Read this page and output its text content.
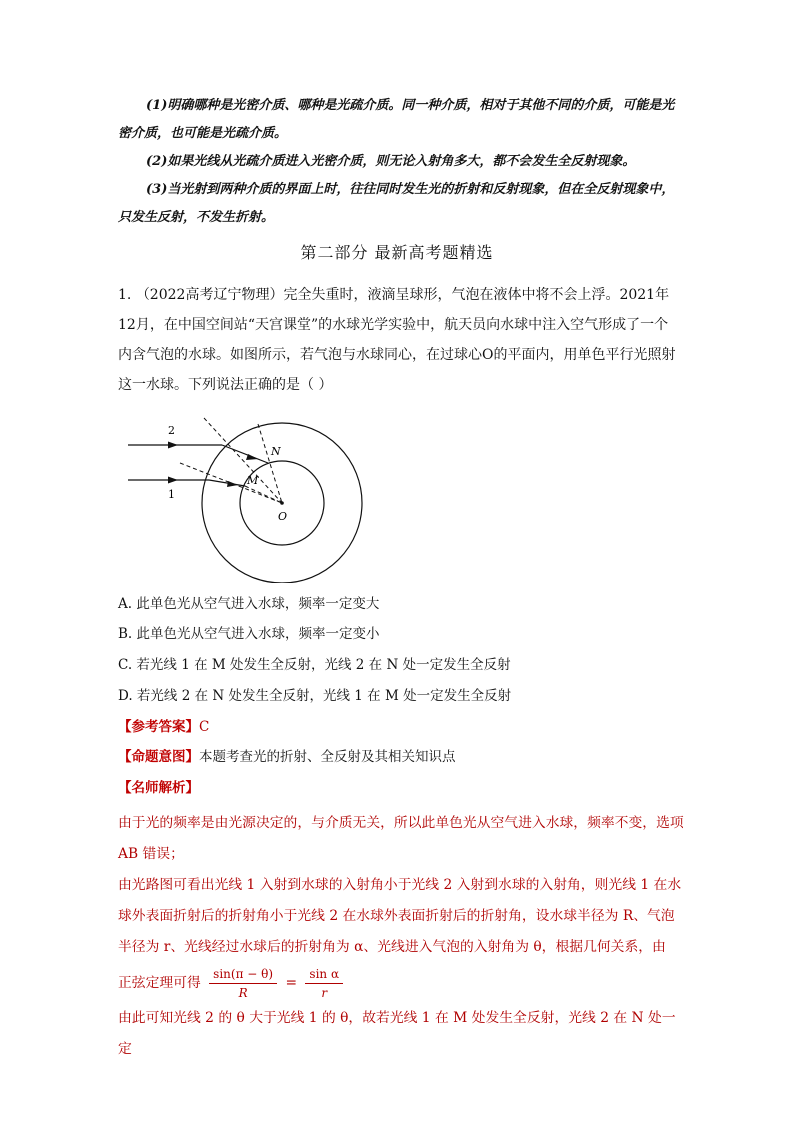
(1)明确哪种是光密介质、哪种是光疏介质。同一种介质，相对于其他不同的介质，可能是光密介质，也可能是光疏介质。

(2)如果光线从光疏介质进入光密介质，则无论入射角多大，都不会发生全反射现象。

(3)当光射到两种介质的界面上时，往往同时发生光的折射和反射现象，但在全反射现象中，只发生反射，不发生折射。

第二部分 最新高考题精选

1. （2022高考辽宁物理）完全失重时，液滴呈球形，气泡在液体中将不会上浮。2021年12月，在中国空间站“天宫课堂”的水球光学实验中，航天员向水球中注入空气形成了一个内含气泡的水球。如图所示，若气泡与水球同心，在过球心O的平面内，用单色平行光照射这一水球。下列说法正确的是（ ）

2
1
N
M
O
A. 此单色光从空气进入水球，频率一定变大
B. 此单色光从空气进入水球，频率一定变小
C. 若光线 1 在 M 处发生全反射，光线 2 在 N 处一定发生全反射
D. 若光线 2 在 N 处发生全反射，光线 1 在 M 处一定发生全反射
【参考答案】C
【命题意图】本题考查光的折射、全反射及其相关知识点
【名师解析】

由于光的频率是由光源决定的，与介质无关，所以此单色光从空气进入水球，频率不变，选项 AB 错误；

由光路图可看出光线 1 入射到水球的入射角小于光线 2 入射到水球的入射角，则光线 1 在水球外表面折射后的折射角小于光线 2 在水球外表面折射后的折射角，设水球半径为 R、气泡半径为 r、光线经过水球后的折射角为 α、光线进入气泡的入射角为 θ，根据几何关系，由

正弦定理可得 $\frac{\sin(\pi - \theta)}{R} = \frac{\text{sin α}}{r}$

由此可知光线 2 的 θ 大于光线 1 的 θ，故若光线 1 在 M 处发生全反射，光线 2 在 N 处一定
